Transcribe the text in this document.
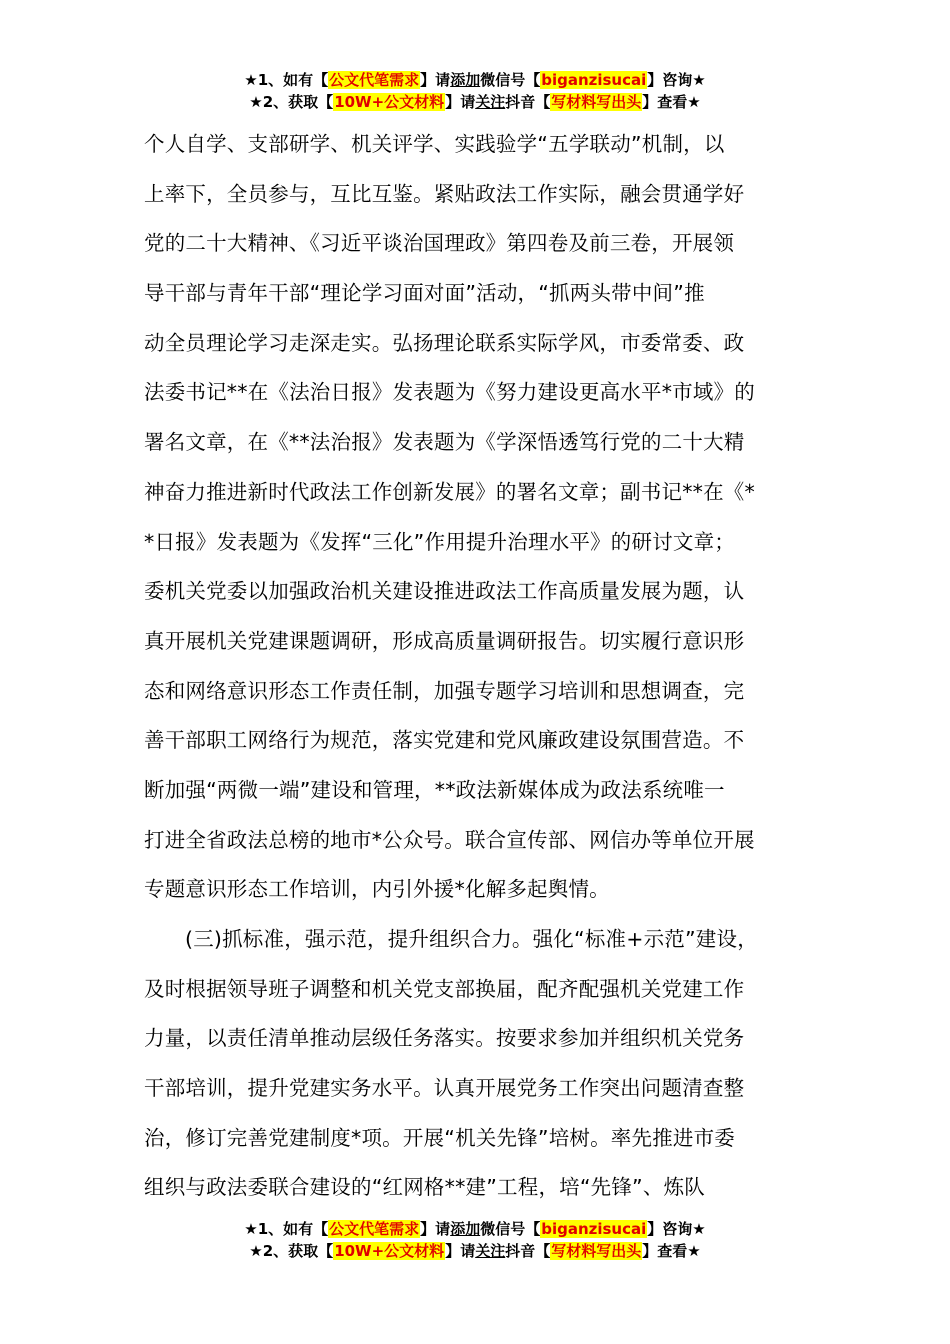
★1、如有【公文代笔需求】请添加微信号【biganzisucai】咨询★
★2、获取【10W+公文材料】请关注抖音【写材料写出头】查看★
个人自学、支部研学、机关评学、实践验学“五学联动”机制，以
上率下，全员参与，互比互鉴。紧贴政法工作实际，融会贯通学好
党的二十大精神、《习近平谈治国理政》第四卷及前三卷，开展领
导干部与青年干部“理论学习面对面”活动，“抓两头带中间”推
动全员理论学习走深走实。弘扬理论联系实际学风，市委常委、政
法委书记**在《法治日报》发表题为《努力建设更高水平*市域》的
署名文章，在《**法治报》发表题为《学深悟透笃行党的二十大精
神奋力推进新时代政法工作创新发展》的署名文章；副书记**在《*
*日报》发表题为《发挥“三化”作用提升治理水平》的研讨文章；
委机关党委以加强政治机关建设推进政法工作高质量发展为题，认
真开展机关党建课题调研，形成高质量调研报告。切实履行意识形
态和网络意识形态工作责任制，加强专题学习培训和思想调查，完
善干部职工网络行为规范，落实党建和党风廉政建设氛围营造。不
断加强“两微一端”建设和管理，**政法新媒体成为政法系统唯一
打进全省政法总榜的地市*公众号。联合宣传部、网信办等单位开展
专题意识形态工作培训，内引外援*化解多起舆情。
(三)抓标准，强示范，提升组织合力。强化“标准+示范”建设，
及时根据领导班子调整和机关党支部换届，配齐配强机关党建工作
力量，以责任清单推动层级任务落实。按要求参加并组织机关党务
干部培训，提升党建实务水平。认真开展党务工作突出问题清查整
治，修订完善党建制度*项。开展“机关先锋”培树。率先推进市委
组织与政法委联合建设的“红网格**建”工程，培“先锋”、炼队
★1、如有【公文代笔需求】请添加微信号【biganzisucai】咨询★
★2、获取【10W+公文材料】请关注抖音【写材料写出头】查看★
